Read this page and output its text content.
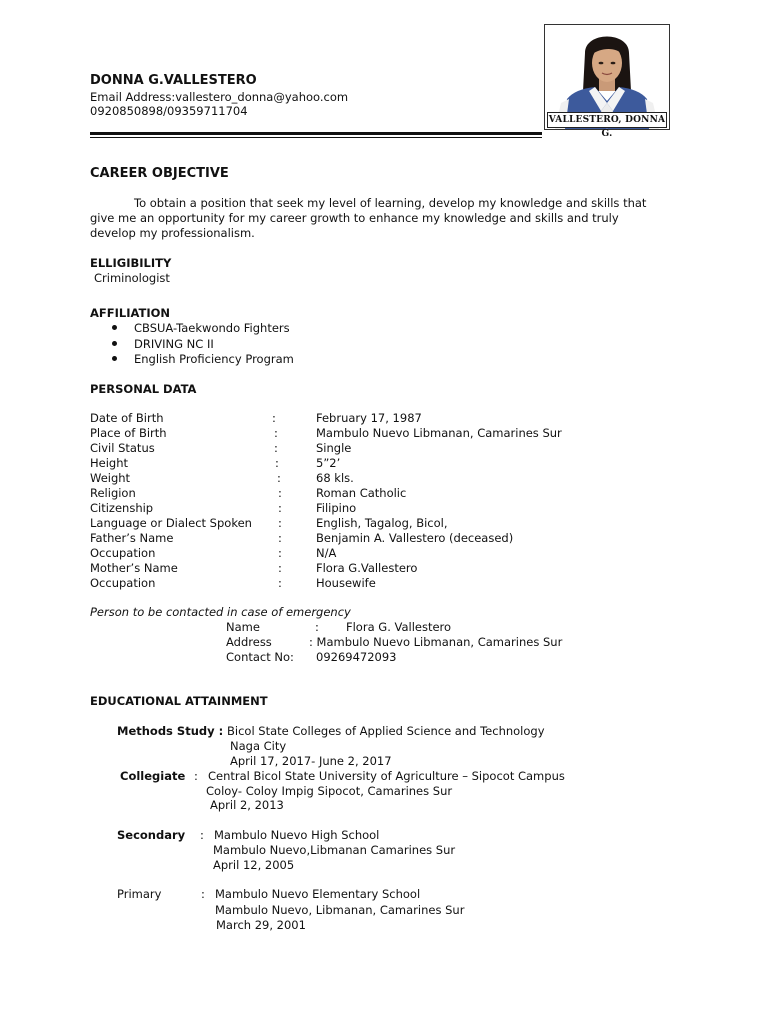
DONNA G.VALLESTERO
Email Address:vallestero_donna@yahoo.com
0920850898/09359711704
VALLESTERO, DONNA G.
CAREER OBJECTIVE
To obtain a position that seek my level of learning, develop my knowledge and skills that
give me an opportunity for my career growth to enhance my knowledge and skills and truly
develop my professionalism.
ELLIGIBILITY
Criminologist
AFFILIATION
CBSUA-Taekwondo Fighters
DRIVING NC II
English Proficiency Program
PERSONAL DATA
Date of Birth	:	February 17, 1987
Place of Birth	:	Mambulo Nuevo Libmanan, Camarines Sur
Civil Status	:	Single
Height	:	5”2’
Weight	:	68 kls.
Religion	:	Roman Catholic
Citizenship	:	Filipino
Language or Dialect Spoken :	English, Tagalog, Bicol,
Father’s Name	:	Benjamin A. Vallestero (deceased)
Occupation	:	N/A
Mother’s Name	:	Flora G.Vallestero
Occupation	:	Housewife
Person to be contacted in case of emergency
Name	: Flora G. Vallestero
Address	: Mambulo Nuevo Libmanan, Camarines Sur
Contact No: 09269472093
EDUCATIONAL ATTAINMENT
Methods Study : Bicol State Colleges of Applied Science and Technology
Naga City
April 17, 2017- June 2, 2017
Collegiate : Central Bicol State University of Agriculture – Sipocot Campus
Coloy- Coloy Impig Sipocot, Camarines Sur
April 2, 2013
Secondary : Mambulo Nuevo High School
Mambulo Nuevo,Libmanan Camarines Sur
April 12, 2005
Primary	: Mambulo Nuevo Elementary School
Mambulo Nuevo, Libmanan, Camarines Sur
March 29, 2001
